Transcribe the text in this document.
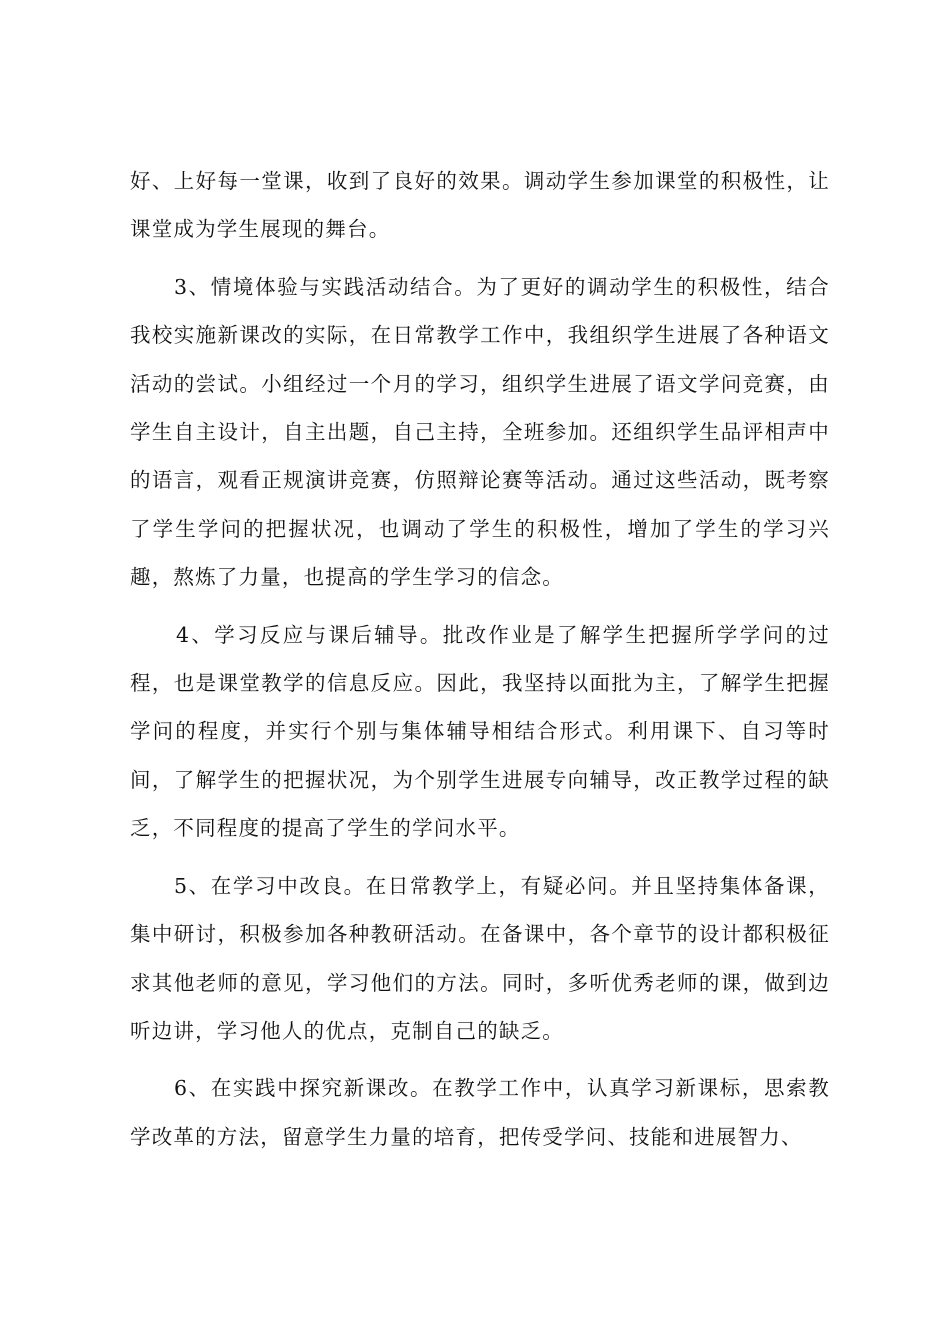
好、上好每一堂课，收到了良好的效果。调动学生参加课堂的积极性，让课堂成为学生展现的舞台。

3、情境体验与实践活动结合。为了更好的调动学生的积极性，结合我校实施新课改的实际，在日常教学工作中，我组织学生进展了各种语文活动的尝试。小组经过一个月的学习，组织学生进展了语文学问竞赛，由学生自主设计，自主出题，自己主持，全班参加。还组织学生品评相声中的语言，观看正规演讲竞赛，仿照辩论赛等活动。通过这些活动，既考察了学生学问的把握状况，也调动了学生的积极性，增加了学生的学习兴趣，熬炼了力量，也提高的学生学习的信念。

4、学习反应与课后辅导。批改作业是了解学生把握所学学问的过程，也是课堂教学的信息反应。因此，我坚持以面批为主，了解学生把握学问的程度，并实行个别与集体辅导相结合形式。利用课下、自习等时间，了解学生的把握状况，为个别学生进展专向辅导，改正教学过程的缺乏，不同程度的提高了学生的学问水平。

5、在学习中改良。在日常教学上，有疑必问。并且坚持集体备课，集中研讨，积极参加各种教研活动。在备课中，各个章节的设计都积极征求其他老师的意见，学习他们的方法。同时，多听优秀老师的课，做到边听边讲，学习他人的优点，克制自己的缺乏。

6、在实践中探究新课改。在教学工作中，认真学习新课标，思索教学改革的方法，留意学生力量的培育，把传受学问、技能和进展智力、
